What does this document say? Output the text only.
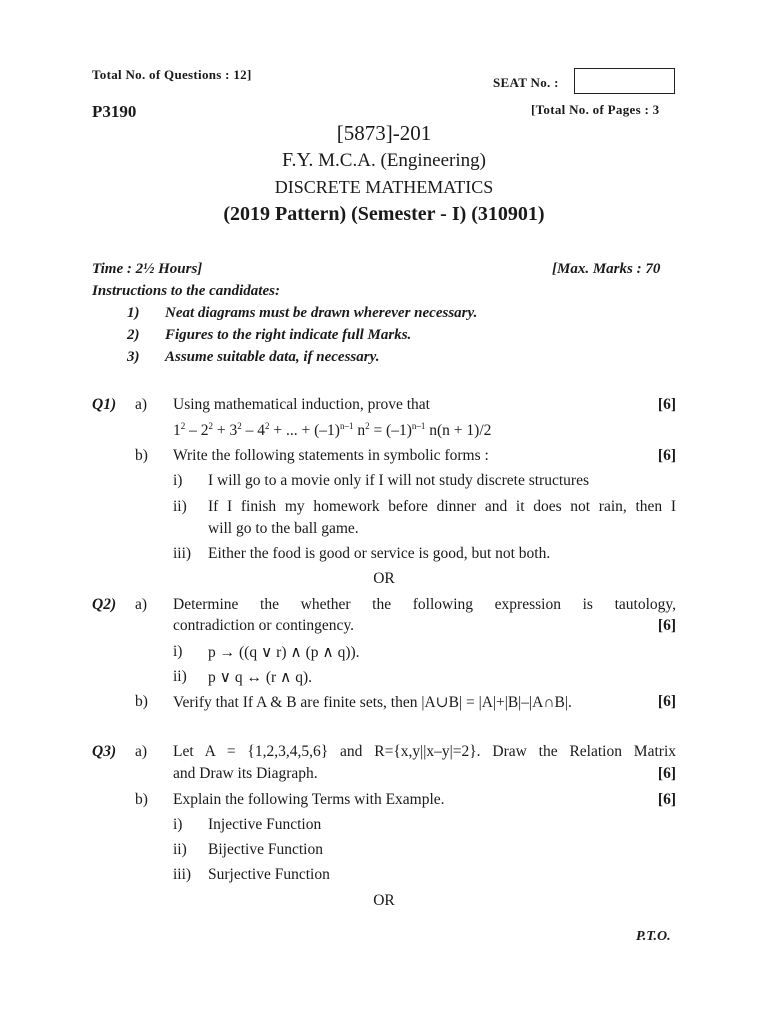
Total No. of Questions : 12]
SEAT No. :
P3190	[Total No. of Pages : 3
[5873]-201
F.Y. M.C.A. (Engineering)
DISCRETE MATHEMATICS
(2019 Pattern) (Semester - I) (310901)
Time : 2½ Hours]	[Max. Marks : 70
Instructions to the candidates:
1) Neat diagrams must be drawn wherever necessary.
2) Figures to the right indicate full Marks.
3) Assume suitable data, if necessary.
Q1) a) Using mathematical induction, prove that	[6]
$1^2 - 2^2 + 3^2 - 4^2$ + ... + $(-1)^{n-1}$ $n^2 = (-1)^{n-1}$ n(n + 1)/2
b) Write the following statements in symbolic forms :	[6]
i) I will go to a movie only if I will not study discrete structures
ii) If I finish my homework before dinner and it does not rain, then I
will go to the ball game.
iii) Either the food is good or service is good, but not both.
OR
Q2) a) Determine the whether the following expression is tautology,
contradiction or contingency.	[6]
i) p → ((q ∨ r) ∧ (p ∧ q)).
ii) p ∨ q ↔ (r ∧ q).
b) Verify that If A & B are finite sets, then |A∪B| = |A|+|B|–|A∩B|.	[6]
Q3) a) Let A = {1,2,3,4,5,6} and R={x,y||x–y|=2}. Draw the Relation Matrix
and Draw its Diagraph.	[6]
b) Explain the following Terms with Example.	[6]
i) Injective Function
ii) Bijective Function
iii) Surjective Function
OR
P.T.O.
